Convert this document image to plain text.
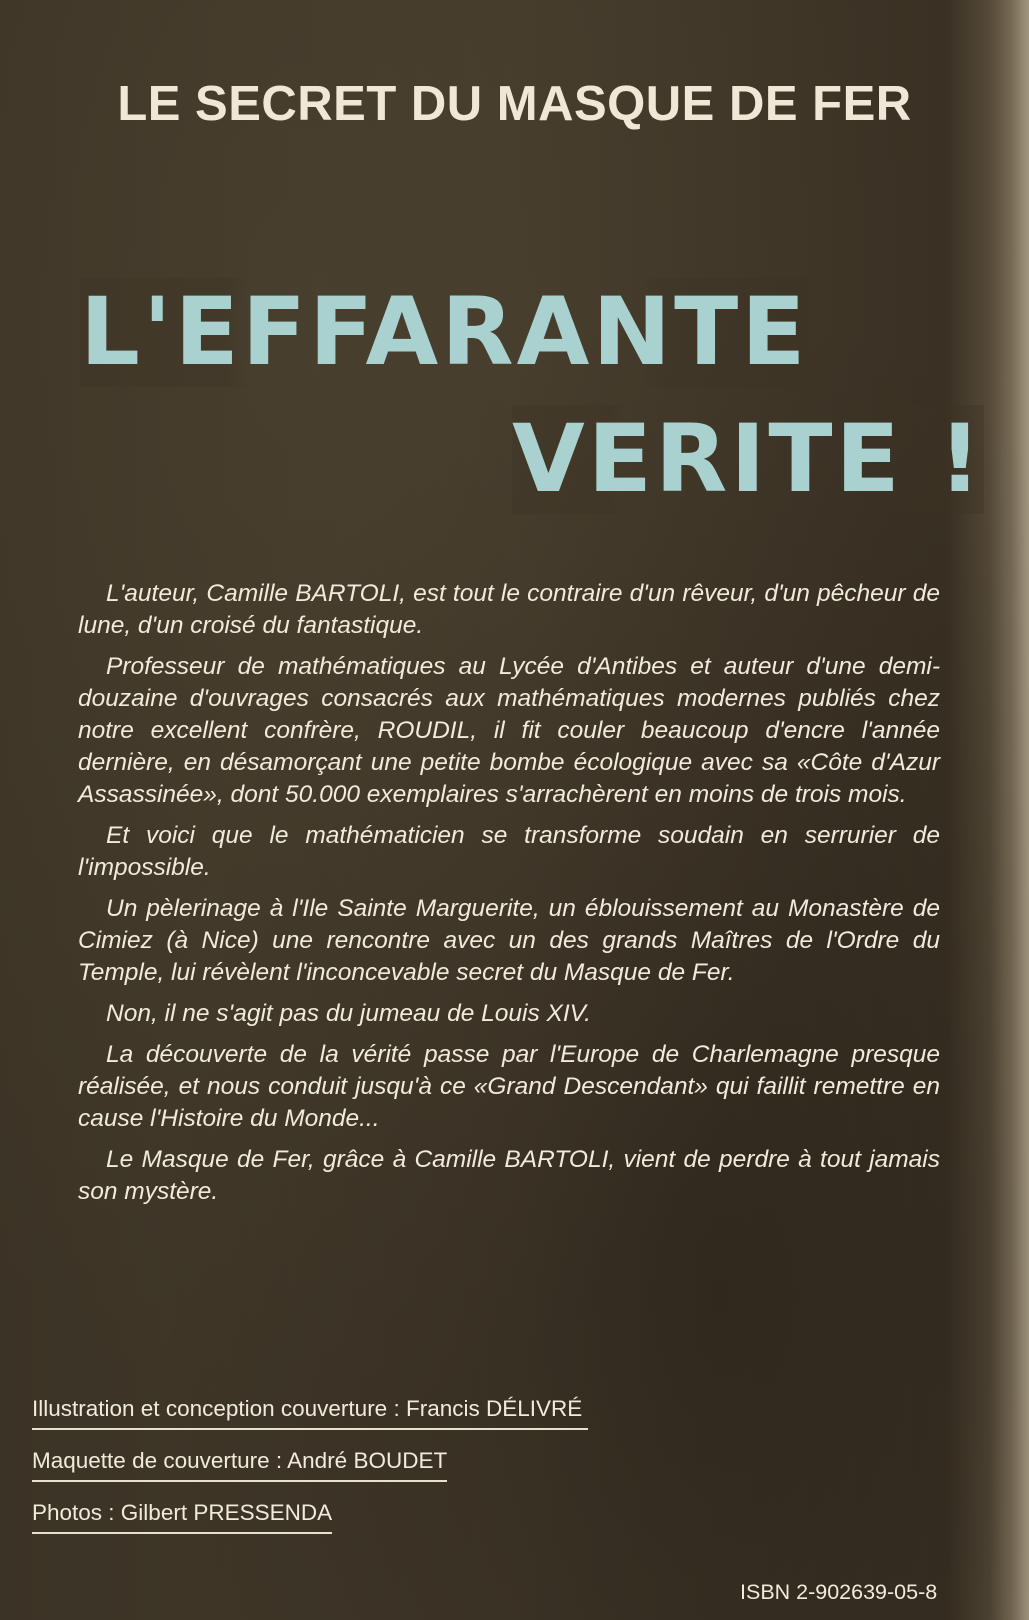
LE SECRET DU MASQUE DE FER
L'EFFARANTE
VERITE !

L'auteur, Camille BARTOLI, est tout le contraire d'un rêveur, d'un pêcheur de lune, d'un croisé du fantastique.

Professeur de mathématiques au Lycée d'Antibes et auteur d'une demi-douzaine d'ouvrages consacrés aux mathématiques modernes publiés chez notre excellent confrère, ROUDIL, il fit couler beaucoup d'encre l'année dernière, en désamorçant une petite bombe écologique avec sa «Côte d'Azur Assassinée», dont 50.000 exemplaires s'arrachèrent en moins de trois mois.

Et voici que le mathématicien se transforme soudain en serrurier de l'impossible.

Un pèlerinage à l'Ile Sainte Marguerite, un éblouissement au Monastère de Cimiez (à Nice) une rencontre avec un des grands Maîtres de l'Ordre du Temple, lui révèlent l'inconcevable secret du Masque de Fer.

Non, il ne s'agit pas du jumeau de Louis XIV.

La découverte de la vérité passe par l'Europe de Charlemagne presque réalisée, et nous conduit jusqu'à ce «Grand Descendant» qui faillit remettre en cause l'Histoire du Monde...

Le Masque de Fer, grâce à Camille BARTOLI, vient de perdre à tout jamais son mystère.

Illustration et conception couverture : Francis DÉLIVRÉ
Maquette de couverture : André BOUDET
Photos : Gilbert PRESSENDA
ISBN 2-902639-05-8
